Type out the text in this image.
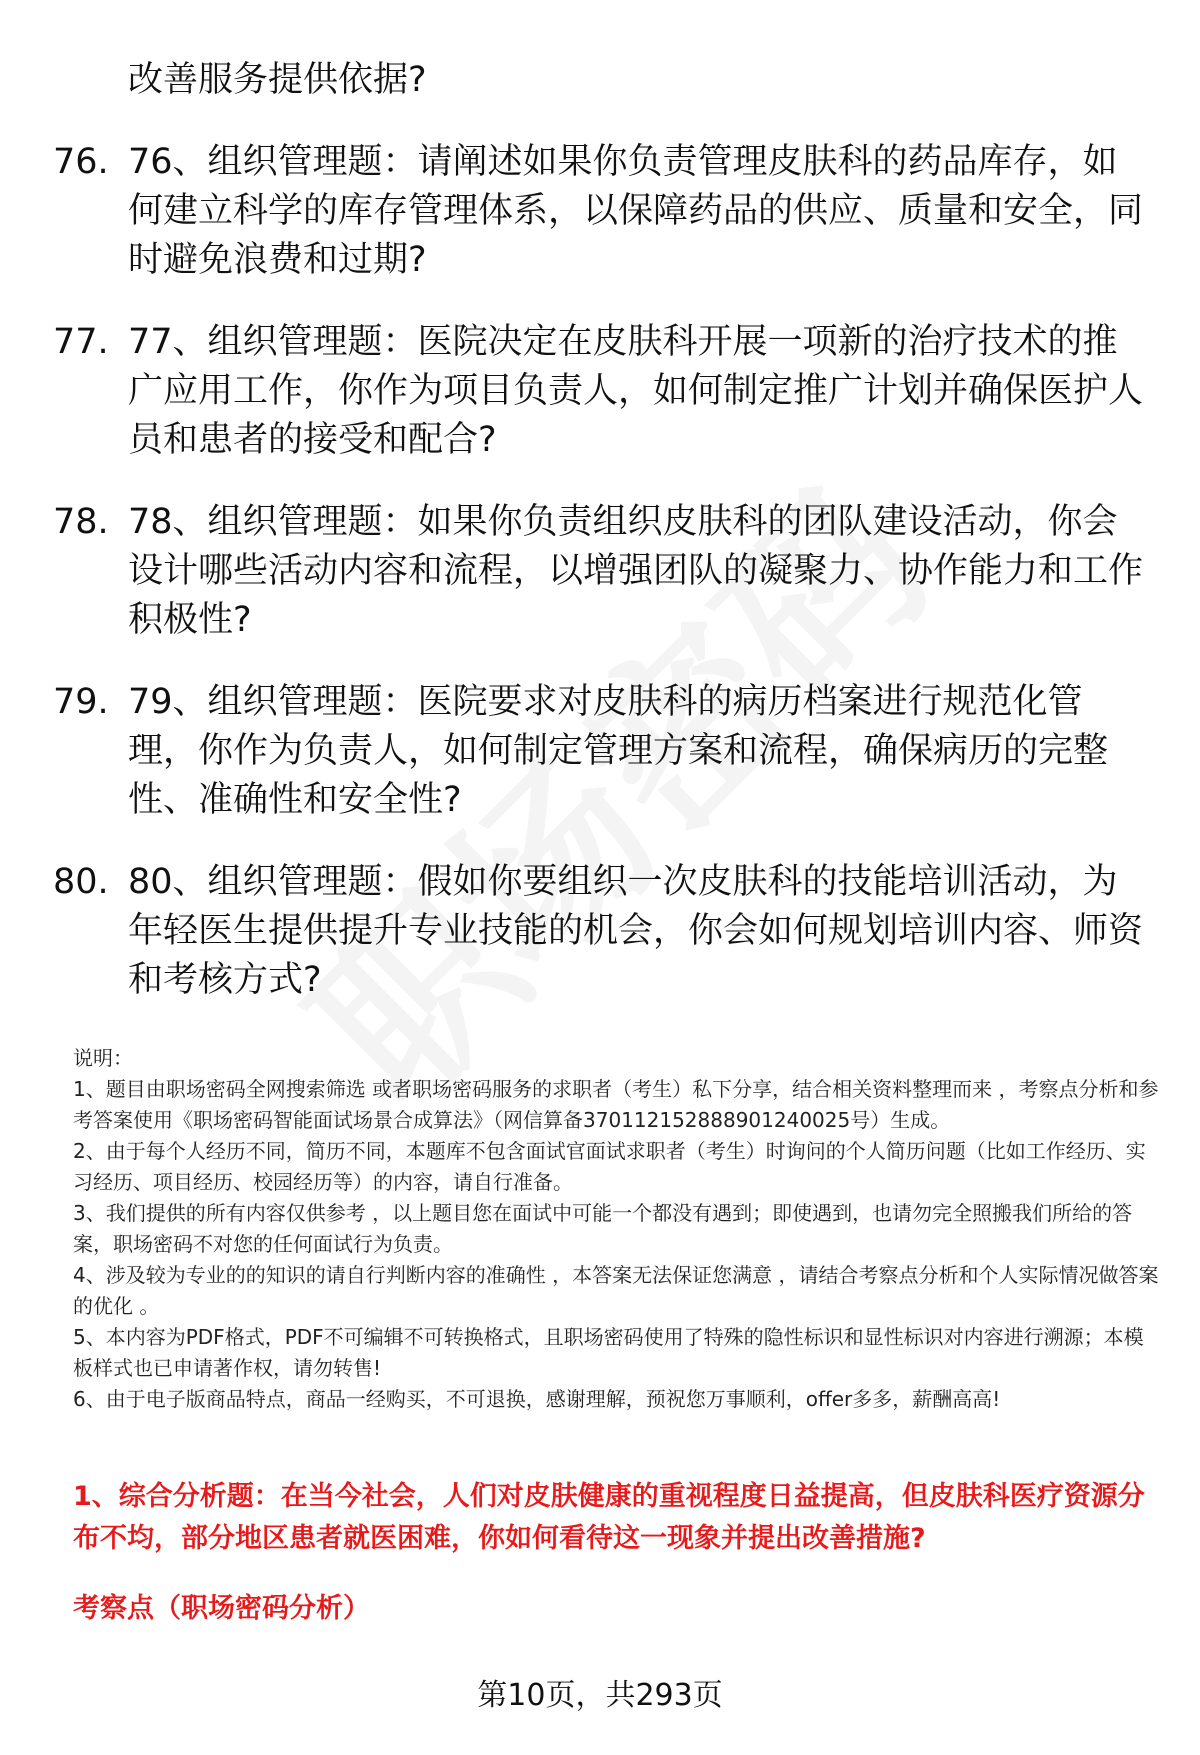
改善服务提供依据?
76. 76、组织管理题：请阐述如果你负责管理皮肤科的药品库存，如何建立科学的库存管理体系，以保障药品的供应、质量和安全，同时避免浪费和过期?
77. 77、组织管理题：医院决定在皮肤科开展一项新的治疗技术的推广应用工作，你作为项目负责人，如何制定推广计划并确保医护人员和患者的接受和配合?
78. 78、组织管理题：如果你负责组织皮肤科的团队建设活动，你会设计哪些活动内容和流程，以增强团队的凝聚力、协作能力和工作积极性?
79. 79、组织管理题：医院要求对皮肤科的病历档案进行规范化管理，你作为负责人，如何制定管理方案和流程，确保病历的完整性、准确性和安全性?
80. 80、组织管理题：假如你要组织一次皮肤科的技能培训活动，为年轻医生提供提升专业技能的机会，你会如何规划培训内容、师资和考核方式?

说明：

1、题目由职场密码全网搜索筛选 或者职场密码服务的求职者（考生）私下分享，结合相关资料整理而来 ，考察点分析和参考答案使用《职场密码智能面试场景合成算法》（网信算备370112152888901240025号）生成。

2、由于每个人经历不同，简历不同，本题库不包含面试官面试求职者（考生）时询问的个人简历问题（比如工作经历、实习经历、项目经历、校园经历等）的内容，请自行准备。

3、我们提供的所有内容仅供参考 ，以上题目您在面试中可能一个都没有遇到；即使遇到，也请勿完全照搬我们所给的答案，职场密码不对您的任何面试行为负责。

4、涉及较为专业的的知识的请自行判断内容的准确性 ，本答案无法保证您满意 ，请结合考察点分析和个人实际情况做答案的优化 。

5、本内容为PDF格式，PDF不可编辑不可转换格式，且职场密码使用了特殊的隐性标识和显性标识对内容进行溯源；本模板样式也已申请著作权，请勿转售!

6、由于电子版商品特点，商品一经购买，不可退换，感谢理解，预祝您万事顺利，offer多多，薪酬高高!

1、综合分析题：在当今社会，人们对皮肤健康的重视程度日益提高，但皮肤科医疗资源分布不均，部分地区患者就医困难，你如何看待这一现象并提出改善措施?
考察点（职场密码分析）
第10页，共293页
